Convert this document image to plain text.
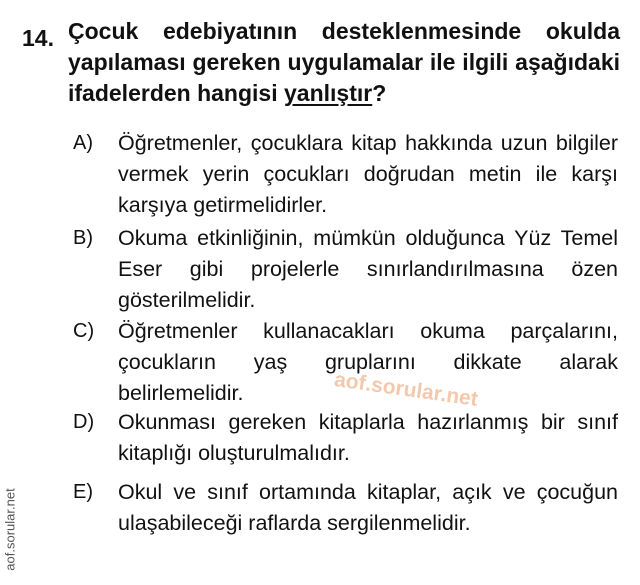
14. Çocuk edebiyatının desteklenmesinde okulda yapılaması gereken uygulamalar ile ilgili aşağıdaki ifadelerden hangisi yanlıştır?
A) Öğretmenler, çocuklara kitap hakkında uzun bilgiler vermek yerin çocukları doğrudan metin ile karşı karşıya getirmelidirler.
B) Okuma etkinliğinin, mümkün olduğunca Yüz Temel Eser gibi projelerle sınırlandırılmasına özen gösterilmelidir.
C) Öğretmenler kullanacakları okuma parçalarını, çocukların yaş gruplarını dikkate alarak belirlemelidir.
D) Okunması gereken kitaplarla hazırlanmış bir sınıf kitaplığı oluşturulmalıdır.
E) Okul ve sınıf ortamında kitaplar, açık ve çocuğun ulaşabileceği raflarda sergilenmelidir.
aof.sorular.net
aof.sorular.net
